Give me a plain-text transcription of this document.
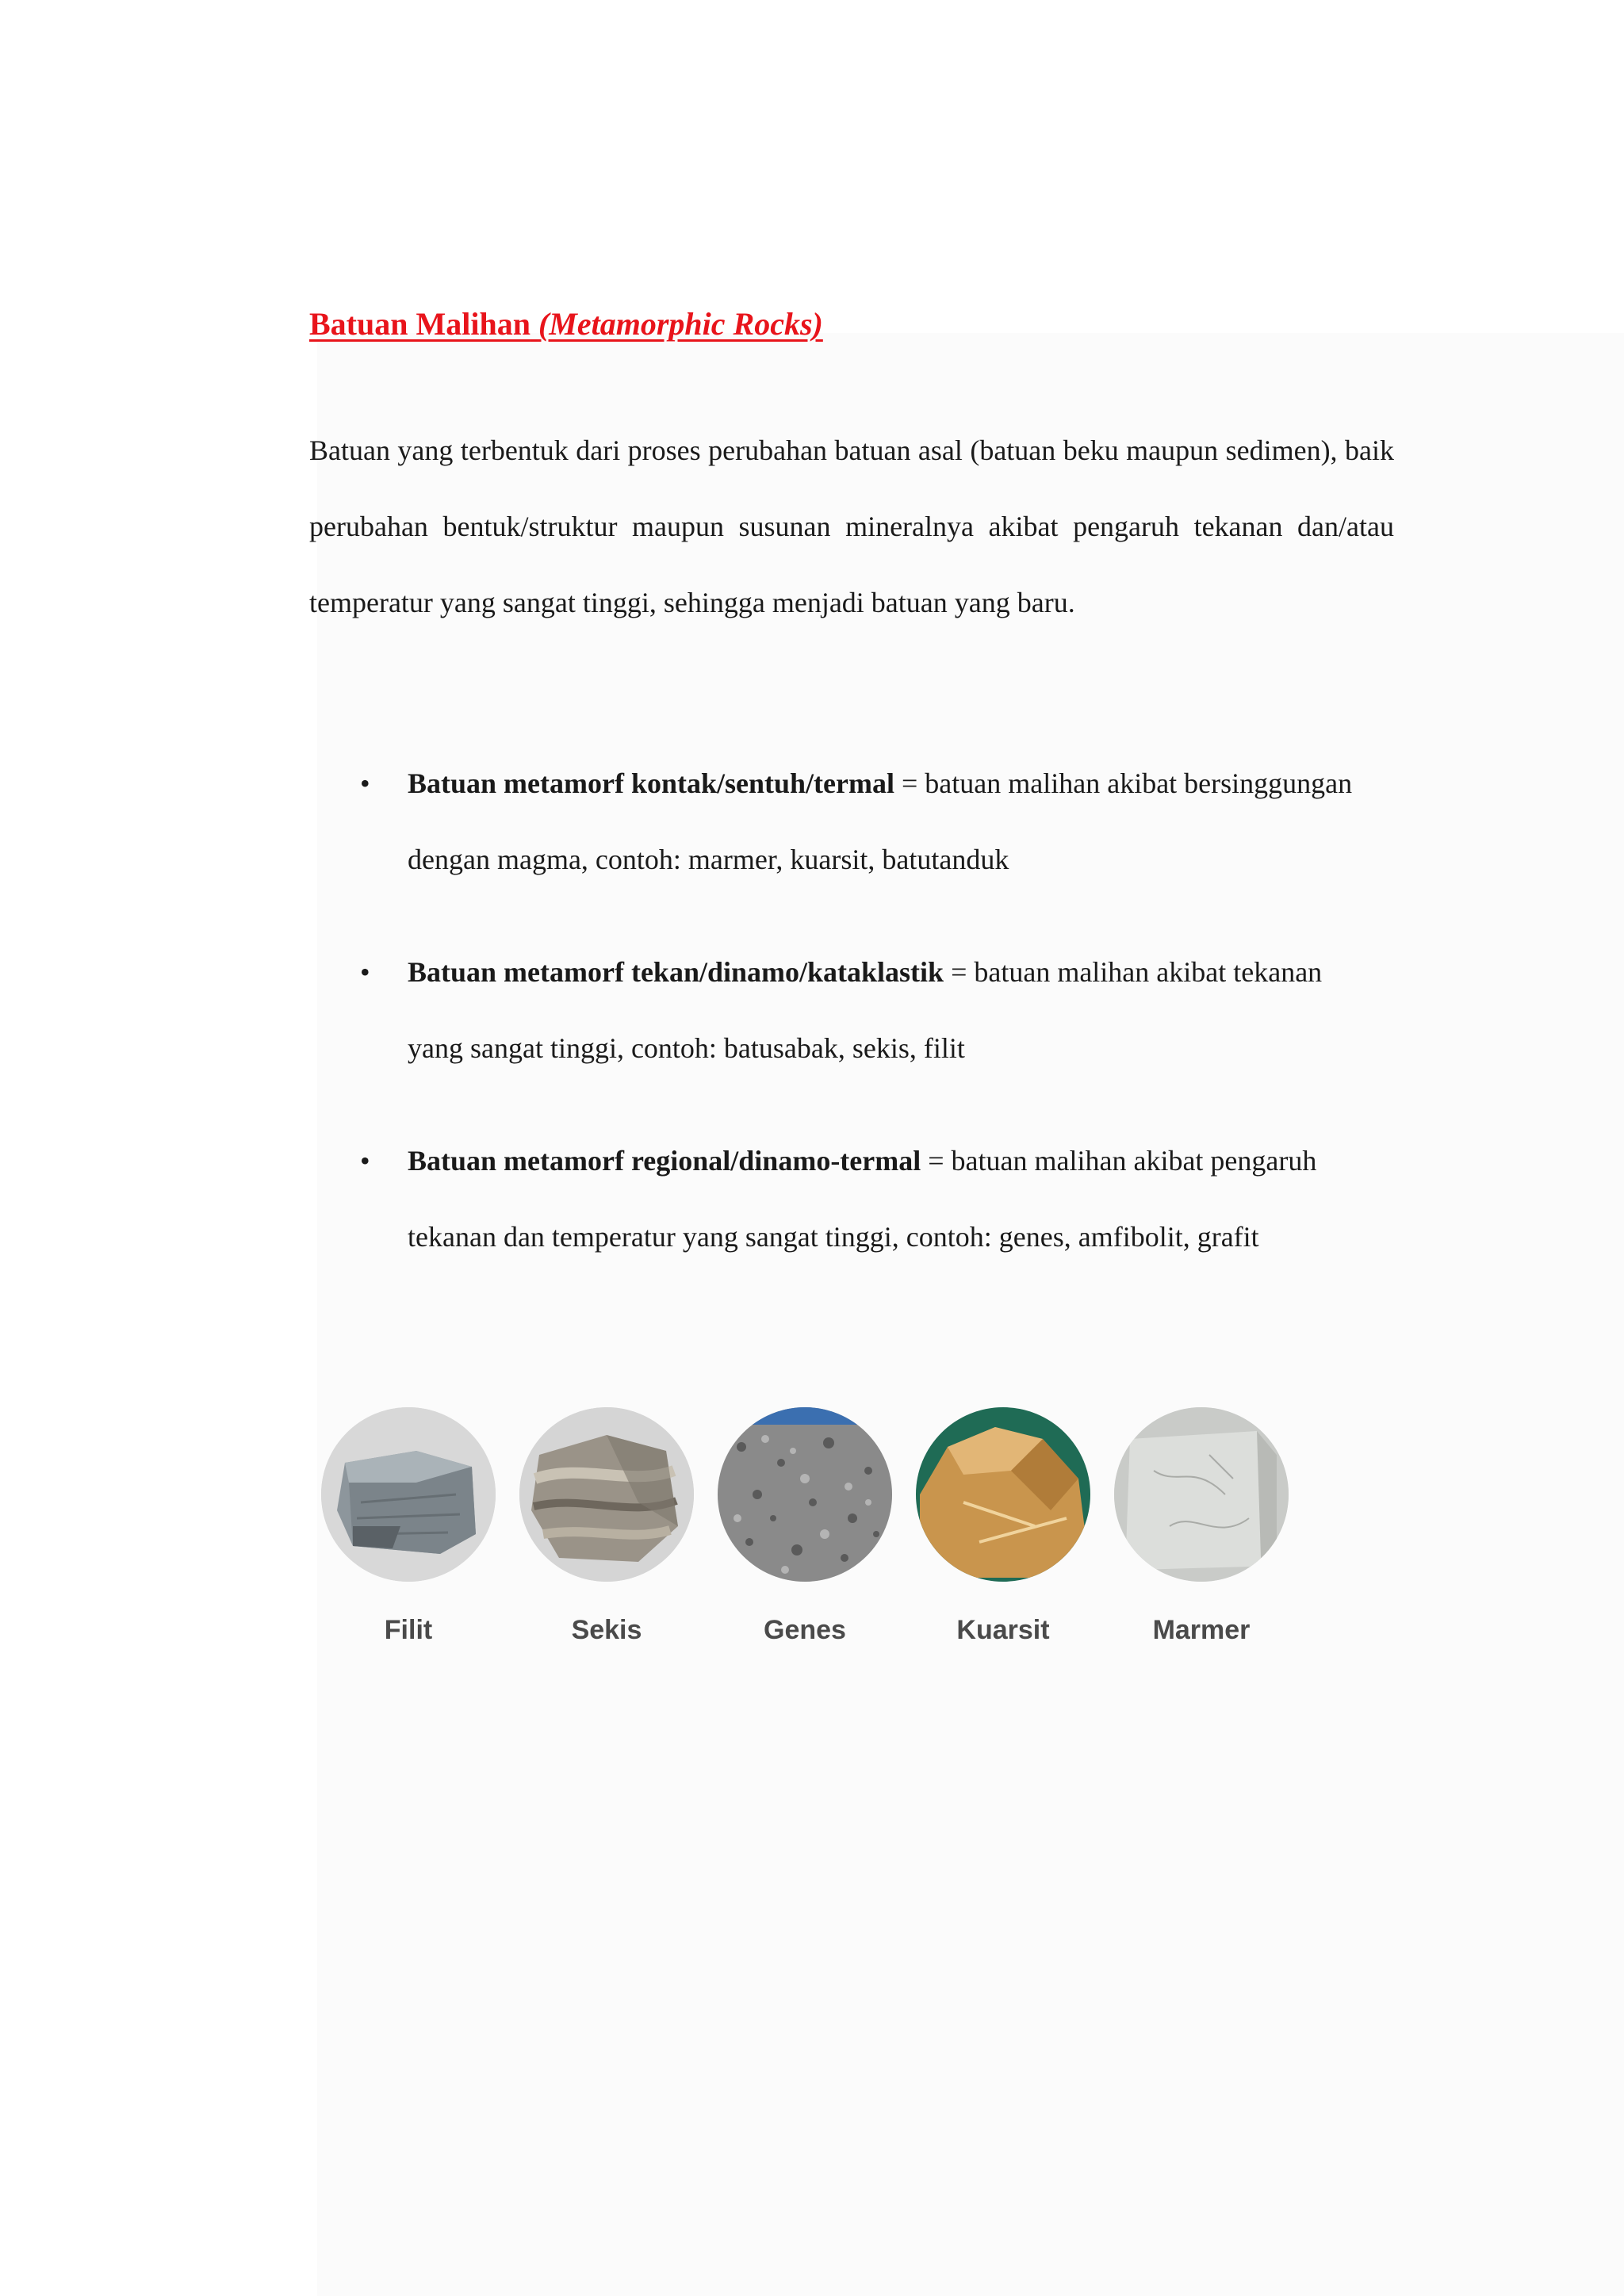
Batuan Malihan (Metamorphic Rocks)
Batuan yang terbentuk dari proses perubahan batuan asal (batuan beku maupun sedimen), baik perubahan bentuk/struktur maupun susunan mineralnya akibat pengaruh tekanan dan/atau temperatur yang sangat tinggi, sehingga menjadi batuan yang baru.
• Batuan metamorf kontak/sentuh/termal = batuan malihan akibat bersinggungan dengan magma, contoh: marmer, kuarsit, batutanduk
• Batuan metamorf tekan/dinamo/kataklastik = batuan malihan akibat tekanan yang sangat tinggi, contoh: batusabak, sekis, filit
• Batuan metamorf regional/dinamo-termal = batuan malihan akibat pengaruh tekanan dan temperatur yang sangat tinggi, contoh: genes, amfibolit, grafit
Filit	Sekis	Genes	Kuarsit	Marmer
